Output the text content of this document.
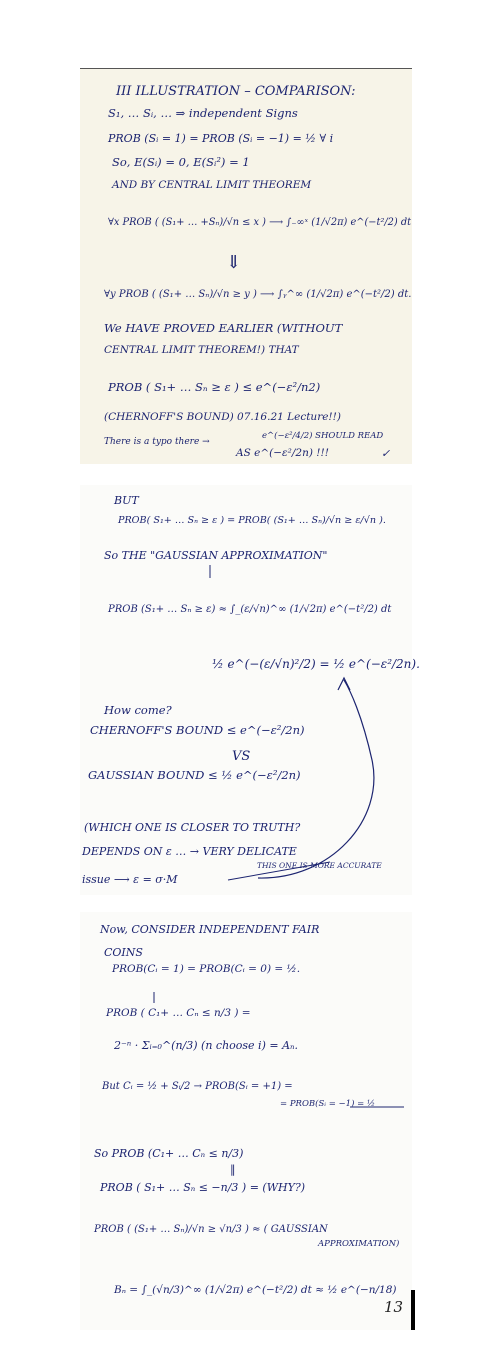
III ILLUSTRATION – COMPARISON:
S₁, … Sᵢ, … ⇒ independent Signs
PROB (Sᵢ = 1) = PROB (Sᵢ = −1) = ½ ∀ i
So, E(Sᵢ) = 0, E(Sᵢ²) = 1
AND BY CENTRAL LIMIT THEOREM
∀x PROB ( (S₁+ … +Sₙ)/√n ≤ x ) ⟶ ∫₋∞ˣ (1/√2π) e^(−t²/2) dt
⇓
∀y PROB ( (S₁+ … Sₙ)/√n ≥ y ) ⟶ ∫ᵧ^∞ (1/√2π) e^(−t²/2) dt.
We HAVE PROVED EARLIER (WITHOUT
CENTRAL LIMIT THEOREM!) THAT
PROB ( S₁+ … Sₙ ≥ ε ) ≤ e^(−ε²/n2)
(CHERNOFF'S BOUND) 07.16.21 Lecture!!)
There is a typo there →
e^(−ε²/4/2) SHOULD READ
AS e^(−ε²/2n) !!!	✓
BUT
PROB( S₁+ … Sₙ ≥ ε ) = PROB( (S₁+ … Sₙ)/√n ≥ ε/√n ).
So THE "GAUSSIAN APPROXIMATION"
PROB (S₁+ … Sₙ ≥ ε) ≈ ∫_(ε/√n)^∞ (1/√2π) e^(−t²/2) dt
½ e^(−(ε/√n)²/2) = ½ e^(−ε²/2n).
How come?
CHERNOFF'S BOUND ≤ e^(−ε²/2n)
VS
GAUSSIAN BOUND ≤ ½ e^(−ε²/2n)
(WHICH ONE IS CLOSER TO TRUTH?
DEPENDS ON ε … → VERY DELICATE
issue ⟶ ε = σ·M
THIS ONE IS MORE ACCURATE
Now, CONSIDER INDEPENDENT FAIR
COINS
PROB(Cᵢ = 1) = PROB(Cᵢ = 0) = ½.
PROB ( C₁+ … Cₙ ≤ n/3 ) =
2⁻ⁿ · Σᵢ₌₀^(n/3) (n choose i) = Aₙ.
But Cᵢ = ½ + Sᵢ/2 → PROB(Sᵢ = +1) =
= PROB(Sᵢ = −1) = ½
So PROB (C₁+ … Cₙ ≤ n/3)
‖
PROB ( S₁+ … Sₙ ≤ −n/3 ) = (WHY?)
PROB ( (S₁+ … Sₙ)/√n ≥ √n/3 ) ≈ ( GAUSSIAN
APPROXIMATION)
Bₙ = ∫_(√n/3)^∞ (1/√2π) e^(−t²/2) dt ≈ ½ e^(−n/18)
13
